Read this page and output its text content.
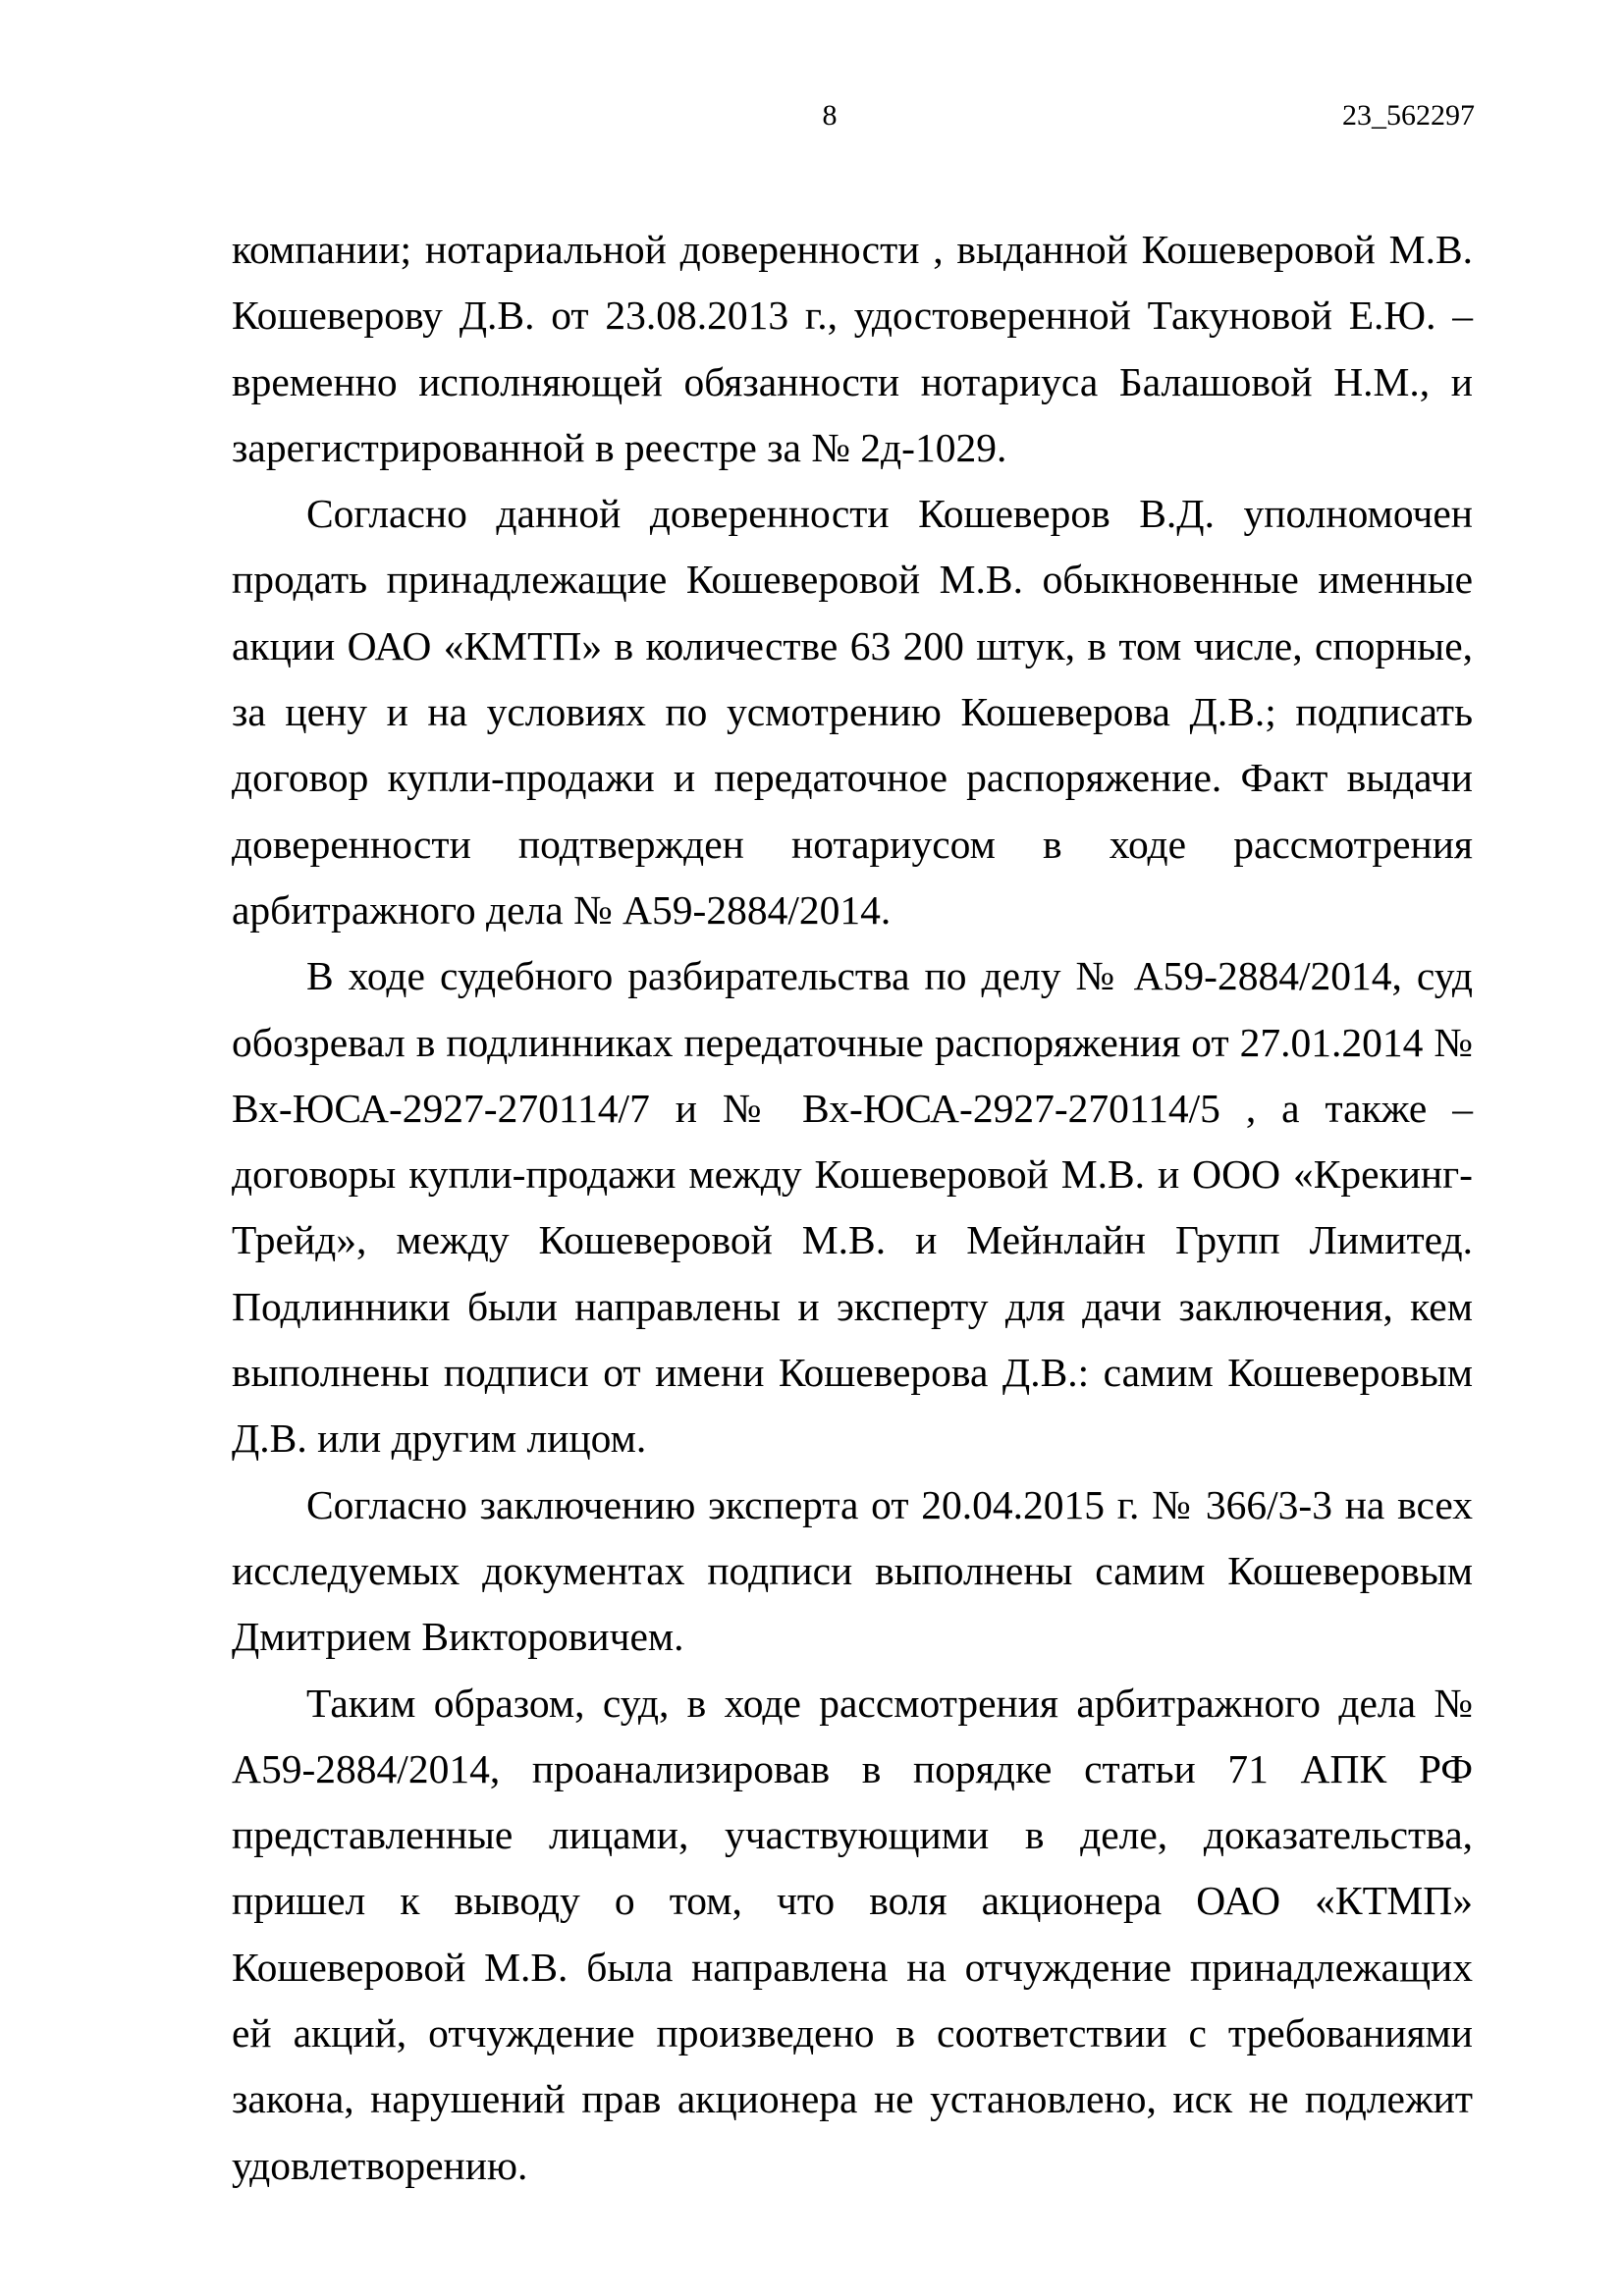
8	23_562297

компании; нотариальной доверенности , выданной Кошеверовой М.В. Кошеверову Д.В. от 23.08.2013 г., удостоверенной Такуновой Е.Ю. – временно исполняющей обязанности нотариуса Балашовой Н.М., и зарегистрированной в реестре за № 2д-1029.

Согласно данной доверенности Кошеверов В.Д. уполномочен продать принадлежащие Кошеверовой М.В. обыкновенные именные акции ОАО «КМТП» в количестве 63 200 штук, в том числе, спорные, за цену и на условиях по усмотрению Кошеверова Д.В.; подписать договор купли-продажи и передаточное распоряжение. Факт выдачи доверенности подтвержден нотариусом в ходе рассмотрения арбитражного дела № А59-2884/2014.

В ходе судебного разбирательства по делу № А59-2884/2014, суд обозревал в подлинниках передаточные распоряжения от 27.01.2014 № Вх-ЮСА-2927-270114/7 и № Вх-ЮСА-2927-270114/5 , а также – договоры купли-продажи между Кошеверовой М.В. и ООО «Крекинг-Трейд», между Кошеверовой М.В. и Мейнлайн Групп Лимитед. Подлинники были направлены и эксперту для дачи заключения, кем выполнены подписи от имени Кошеверова Д.В.: самим Кошеверовым Д.В. или другим лицом.

Согласно заключению эксперта от 20.04.2015 г. № 366/3-3 на всех исследуемых документах подписи выполнены самим Кошеверовым Дмитрием Викторовичем.

Таким образом, суд, в ходе рассмотрения арбитражного дела № А59-2884/2014, проанализировав в порядке статьи 71 АПК РФ представленные лицами, участвующими в деле, доказательства, пришел к выводу о том, что воля акционера ОАО «КТМП» Кошеверовой М.В. была направлена на отчуждение принадлежащих ей акций, отчуждение произведено в соответствии с требованиями закона, нарушений прав акционера не установлено, иск не подлежит удовлетворению.
